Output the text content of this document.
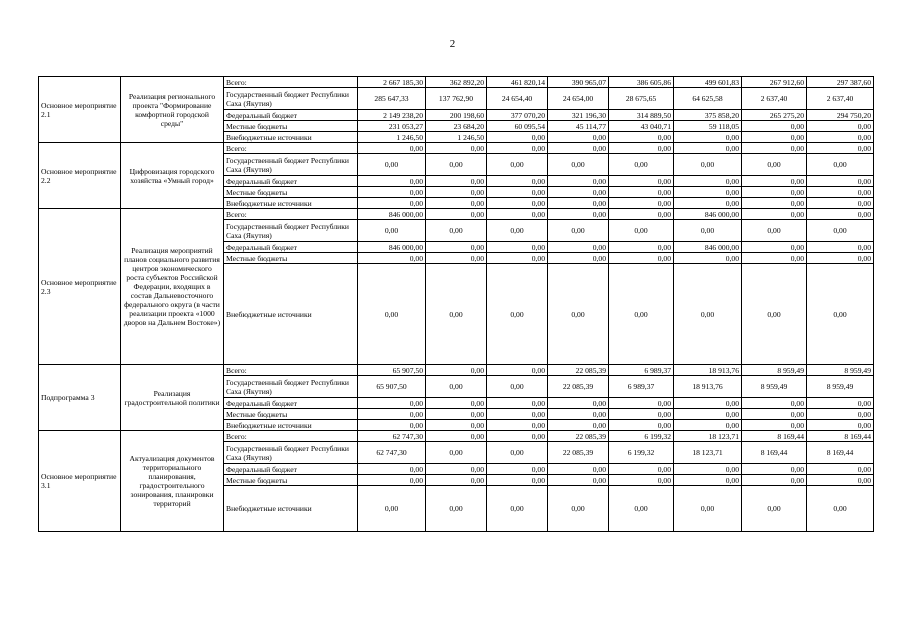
2
Основное мероприятие 2.1	Реализация регионального проекта "Формирование комфортной городской среды"	Всего:	2 667 185,30	362 892,20	461 820,14	390 965,07	386 605,86	499 601,83	267 912,60	297 387,60
		Государственный бюджет Республики Саха (Якутия)	285 647,33	137 762,90	24 654,40	24 654,00	28 675,65	64 625,58	2 637,40	2 637,40
		Федеральный бюджет	2 149 238,20	200 198,60	377 070,20	321 196,30	314 889,50	375 858,20	265 275,20	294 750,20
		Местные бюджеты	231 053,27	23 684,20	60 095,54	45 114,77	43 040,71	59 118,05	0,00	0,00
		Внебюджетные источники	1 246,50	1 246,50	0,00	0,00	0,00	0,00	0,00	0,00
Основное мероприятие 2.2	Цифровизация городского хозяйства «Умный город»	Всего:	0,00	0,00	0,00	0,00	0,00	0,00	0,00	0,00
		Государственный бюджет Республики Саха (Якутия)	0,00	0,00	0,00	0,00	0,00	0,00	0,00	0,00
		Федеральный бюджет	0,00	0,00	0,00	0,00	0,00	0,00	0,00	0,00
		Местные бюджеты	0,00	0,00	0,00	0,00	0,00	0,00	0,00	0,00
		Внебюджетные источники	0,00	0,00	0,00	0,00	0,00	0,00	0,00	0,00
Основное мероприятие 2.3	Реализация мероприятий планов социального развития центров экономического роста субъектов Российской Федерации, входящих в состав Дальневосточного федерального округа (в части реализации проекта «1000 дворов на Дальнем Востоке»)	Всего:	846 000,00	0,00	0,00	0,00	0,00	846 000,00	0,00	0,00
		Государственный бюджет Республики Саха (Якутия)	0,00	0,00	0,00	0,00	0,00	0,00	0,00	0,00
		Федеральный бюджет	846 000,00	0,00	0,00	0,00	0,00	846 000,00	0,00	0,00
		Местные бюджеты	0,00	0,00	0,00	0,00	0,00	0,00	0,00	0,00
		Внебюджетные источники	0,00	0,00	0,00	0,00	0,00	0,00	0,00	0,00
Подпрограмма 3	Реализация градостроительной политики	Всего:	65 907,50	0,00	0,00	22 085,39	6 989,37	18 913,76	8 959,49	8 959,49
		Государственный бюджет Республики Саха (Якутия)	65 907,50	0,00	0,00	22 085,39	6 989,37	18 913,76	8 959,49	8 959,49
		Федеральный бюджет	0,00	0,00	0,00	0,00	0,00	0,00	0,00	0,00
		Местные бюджеты	0,00	0,00	0,00	0,00	0,00	0,00	0,00	0,00
		Внебюджетные источники	0,00	0,00	0,00	0,00	0,00	0,00	0,00	0,00
Основное мероприятие 3.1	Актуализация документов территориального планирования, градостроительного зонирования, планировки территорий	Всего:	62 747,30	0,00	0,00	22 085,39	6 199,32	18 123,71	8 169,44	8 169,44
		Государственный бюджет Республики Саха (Якутия)	62 747,30	0,00	0,00	22 085,39	6 199,32	18 123,71	8 169,44	8 169,44
		Федеральный бюджет	0,00	0,00	0,00	0,00	0,00	0,00	0,00	0,00
		Местные бюджеты	0,00	0,00	0,00	0,00	0,00	0,00	0,00	0,00
		Внебюджетные источники	0,00	0,00	0,00	0,00	0,00	0,00	0,00	0,00
